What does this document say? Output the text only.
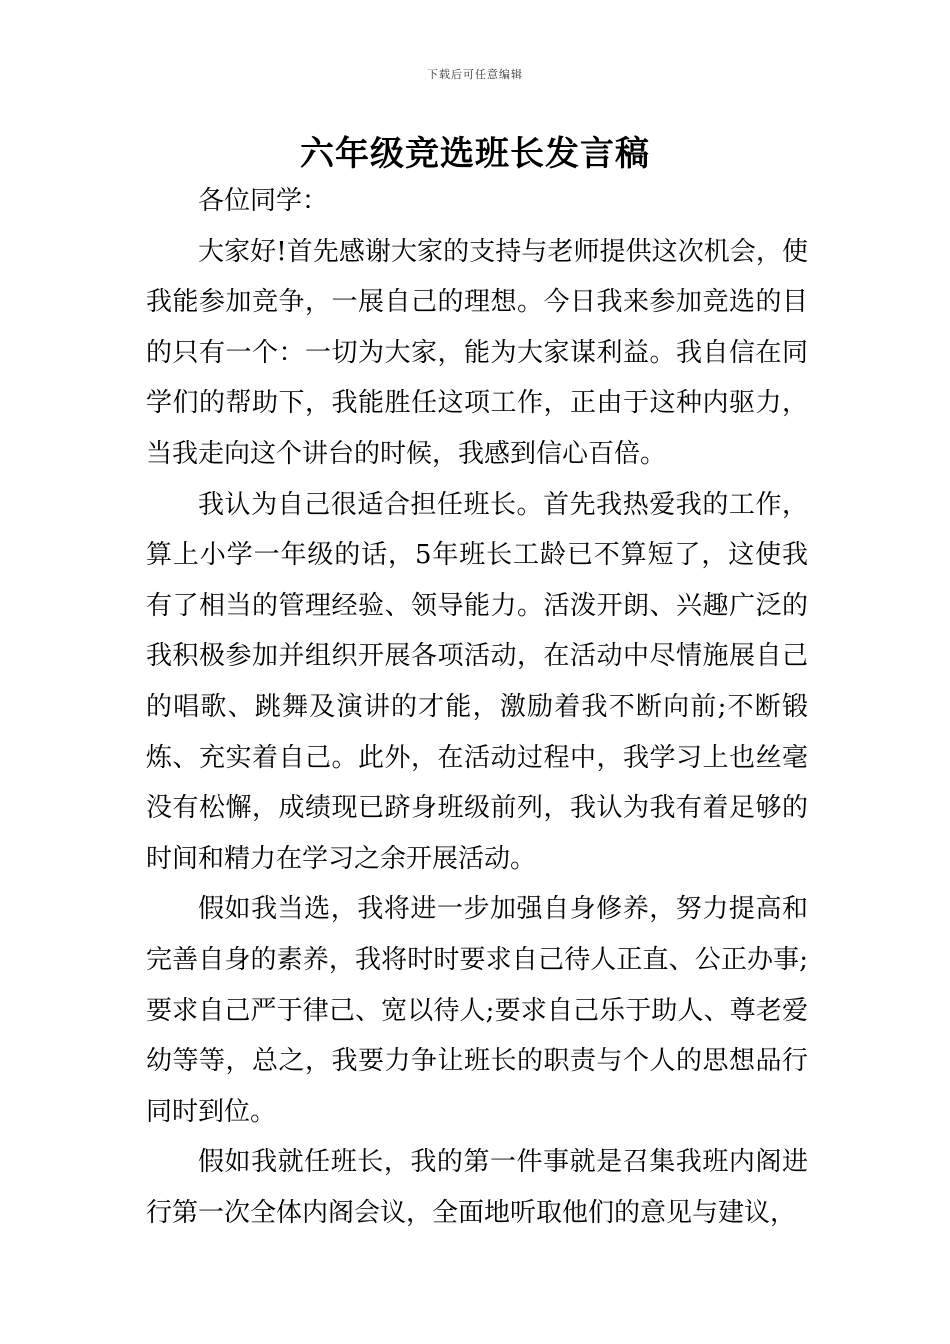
下载后可任意编辑
六年级竞选班长发言稿

各位同学：

大家好!首先感谢大家的支持与老师提供这次机会，使我能参加竞争，一展自己的理想。今日我来参加竞选的目的只有一个：一切为大家，能为大家谋利益。我自信在同学们的帮助下，我能胜任这项工作，正由于这种内驱力，当我走向这个讲台的时候，我感到信心百倍。

我认为自己很适合担任班长。首先我热爱我的工作，算上小学一年级的话，5年班长工龄已不算短了，这使我有了相当的管理经验、领导能力。活泼开朗、兴趣广泛的我积极参加并组织开展各项活动，在活动中尽情施展自己的唱歌、跳舞及演讲的才能，激励着我不断向前;不断锻炼、充实着自己。此外，在活动过程中，我学习上也丝毫没有松懈，成绩现已跻身班级前列，我认为我有着足够的时间和精力在学习之余开展活动。

假如我当选，我将进一步加强自身修养，努力提高和完善自身的素养，我将时时要求自己待人正直、公正办事;要求自己严于律己、宽以待人;要求自己乐于助人、尊老爱幼等等，总之，我要力争让班长的职责与个人的思想品行同时到位。

假如我就任班长，我的第一件事就是召集我班内阁进行第一次全体内阁会议，全面地听取他们的意见与建议，
